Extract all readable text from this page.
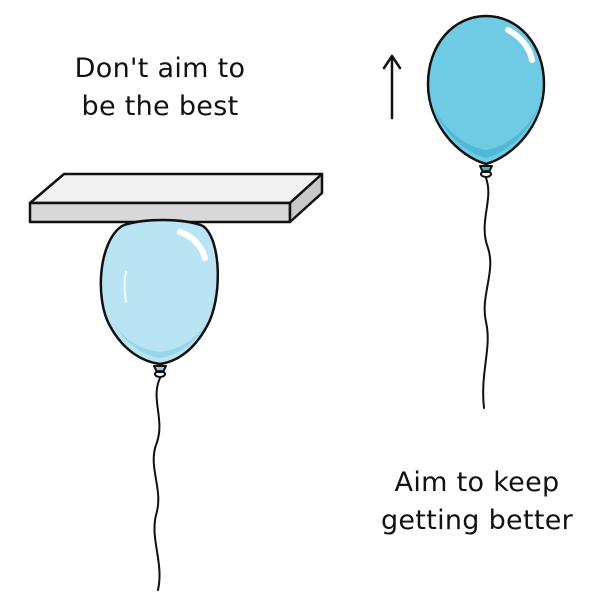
Don't aim to
be the best
Aim to keep
getting better
